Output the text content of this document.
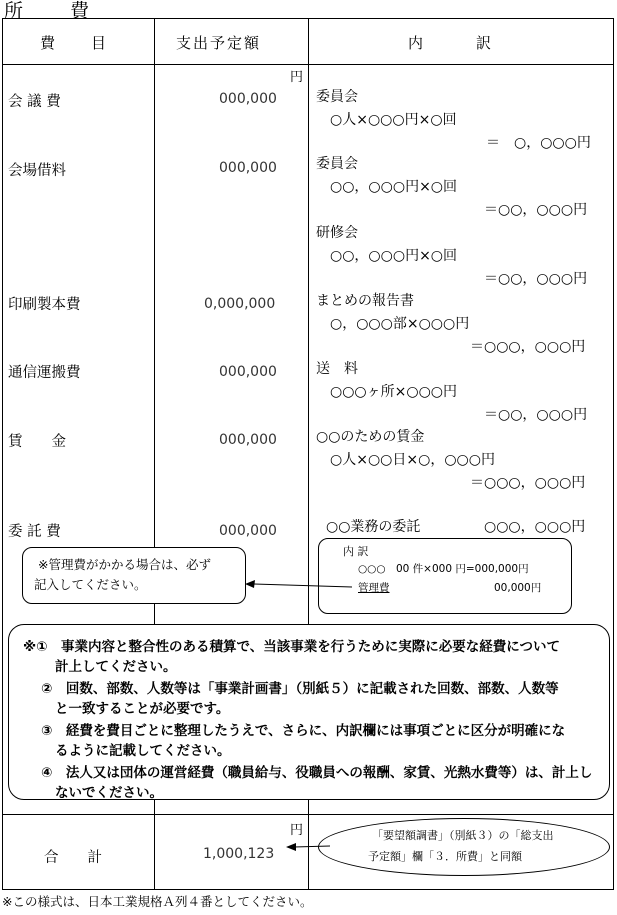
所　費
費　　目	支出予定額	内　　　訳
円
会 議 費	000,000	委員会
○人×○○○円×○回
＝　○，○○○円
会場借料	000,000	委員会
○○，○○○円×○回
＝○○，○○○円
研修会
○○，○○○円×○回
＝○○，○○○円
印刷製本費	0,000,000	まとめの報告書
○，○○○部×○○○円
＝○○○，○○○円
通信運搬費	000,000	送　料
○○○ヶ所×○○○円
＝○○，○○○円
賃　　金	000,000	○○のための賃金
○人×○○日×○，○○○円
＝○○○，○○○円
委 託 費	000,000	○○業務の委託	○○○，○○○円
内 訳
○○○　00 件×000 円=000,000円
管理費	00,000円
※管理費がかかる場合は、必ず
記入してください。
※①　事業内容と整合性のある積算で、当該事業を行うために実際に必要な経費について
計上してください。
②　回数、部数、人数等は「事業計画書」（別紙５）に記載された回数、部数、人数等
と一致することが必要です。
③　経費を費目ごとに整理したうえで、さらに、内訳欄には事項ごとに区分が明確にな
るように記載してください。
④　法人又は団体の運営経費（職員給与、役職員への報酬、家賃、光熱水費等）は、計上し
ないでください。
円
合　　計	1,000,123
「要望額調書」（別紙３）の「総支出
予定額」欄「３．所費」と同額
※この様式は、日本工業規格Ａ列４番としてください。
